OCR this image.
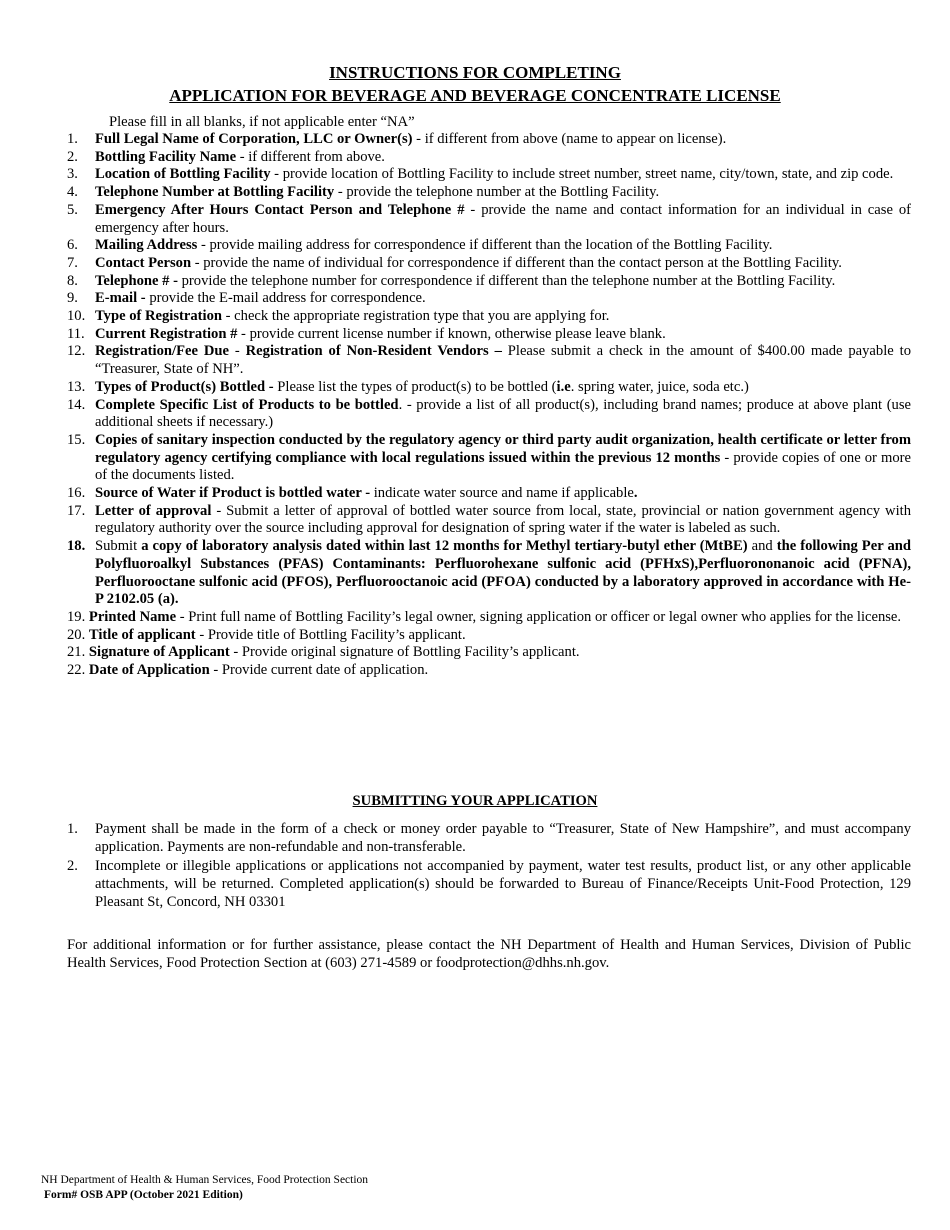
INSTRUCTIONS FOR COMPLETING
APPLICATION FOR BEVERAGE AND BEVERAGE CONCENTRATE LICENSE
Please fill in all blanks, if not applicable enter “NA”
1.	Full Legal Name of Corporation, LLC or Owner(s) - if different from above (name to appear on license).
2.	Bottling Facility Name - if different from above.
3.	Location of Bottling Facility - provide location of Bottling Facility to include street number, street name, city/town, state, and zip code.
4.	Telephone Number at Bottling Facility - provide the telephone number at the Bottling Facility.
5.	Emergency After Hours Contact Person and Telephone # - provide the name and contact information for an individual in case of emergency after hours.
6.	Mailing Address - provide mailing address for correspondence if different than the location of the Bottling Facility.
7.	Contact Person - provide the name of individual for correspondence if different than the contact person at the Bottling Facility.
8.	Telephone # - provide the telephone number for correspondence if different than the telephone number at the Bottling Facility.
9.	E-mail - provide the E-mail address for correspondence.
10. Type of Registration - check the appropriate registration type that you are applying for.
11. Current Registration # - provide current license number if known, otherwise please leave blank.
12. Registration/Fee Due - Registration of Non-Resident Vendors – Please submit a check in the amount of $400.00 made payable to “Treasurer, State of NH”.
13. Types of Product(s) Bottled - Please list the types of product(s) to be bottled (i.e. spring water, juice, soda etc.)
14. Complete Specific List of Products to be bottled. - provide a list of all product(s), including brand names; produce at above plant (use additional sheets if necessary.)
15. Copies of sanitary inspection conducted by the regulatory agency or third party audit organization, health certificate or letter from regulatory agency certifying compliance with local regulations issued within the previous 12 months - provide copies of one or more of the documents listed.
16. Source of Water if Product is bottled water - indicate water source and name if applicable.
17. Letter of approval - Submit a letter of approval of bottled water source from local, state, provincial or nation government agency with regulatory authority over the source including approval for designation of spring water if the water is labeled as such.
18. Submit a copy of laboratory analysis dated within last 12 months for Methyl tertiary-butyl ether (MtBE) and the following Per and Polyfluoroalkyl Substances (PFAS) Contaminants: Perfluorohexane sulfonic acid (PFHxS),Perfluorononanoic acid (PFNA), Perfluorooctane sulfonic acid (PFOS), Perfluorooctanoic acid (PFOA) conducted by a laboratory approved in accordance with He-P 2102.05 (a).
19. Printed Name - Print full name of Bottling Facility’s legal owner, signing application or officer or legal owner who applies for the license.
20. Title of applicant - Provide title of Bottling Facility’s applicant.
21. Signature of Applicant - Provide original signature of Bottling Facility’s applicant.
22. Date of Application - Provide current date of application.
SUBMITTING YOUR APPLICATION
1.	Payment shall be made in the form of a check or money order payable to “Treasurer, State of New Hampshire”, and must accompany application. Payments are non-refundable and non-transferable.
2.	Incomplete or illegible applications or applications not accompanied by payment, water test results, product list, or any other applicable attachments, will be returned. Completed application(s) should be forwarded to Bureau of Finance/Receipts Unit-Food Protection, 129 Pleasant St, Concord, NH 03301
For additional information or for further assistance, please contact the NH Department of Health and Human Services, Division of Public Health Services, Food Protection Section at (603) 271-4589 or foodprotection@dhhs.nh.gov.
NH Department of Health & Human Services, Food Protection Section
Form# OSB APP (October 2021 Edition)
